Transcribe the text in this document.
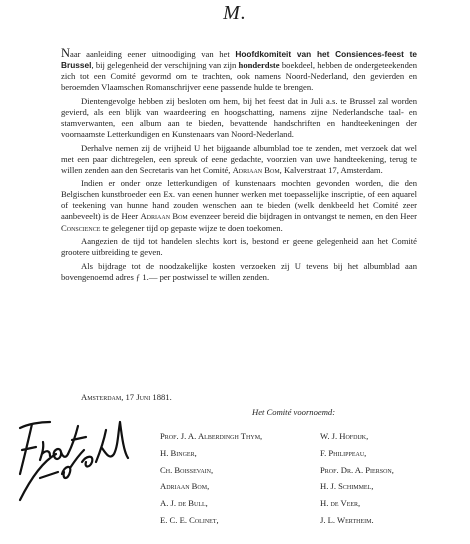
M.

Naar aanleiding eener uitnoodiging van het Hoofdkomiteit van het Consiences-feest te Brussel, bij gelegenheid der verschijning van zijn honderdste boekdeel, hebben de ondergeteekenden zich tot een Comité gevormd om te trachten, ook namens Noord-Nederland, den gevierden en beroemden Vlaamschen Romanschrijver eene passende hulde te brengen.

Dientengevolge hebben zij besloten om hem, bij het feest dat in Juli a.s. te Brussel zal worden gevierd, als een blijk van waardeering en hoogschatting, namens zijne Nederlandsche taal- en stamverwanten, een album aan te bieden, bevattende handschriften en handteekeningen der voornaamste Letterkundigen en Kunstenaars van Noord-Nederland.

Derhalve nemen zij de vrijheid U het bijgaande albumblad toe te zenden, met verzoek dat wel met een paar dichtregelen, een spreuk of eene gedachte, voorzien van uwe handteekening, terug te willen zenden aan den Secretaris van het Comité, Adriaan Bom, Kalverstraat 17, Amsterdam.

Indien er onder onze letterkundigen of kunstenaars mochten gevonden worden, die den Belgischen kunstbroeder een Ex. van eenen hunner werken met toepasselijke inscriptie, of een aquarel of teekening van hunne hand zouden wenschen aan te bieden (welk denkbeeld het Comité zeer aanbeveelt) is de Heer Adriaan Bom evenzeer bereid die bijdragen in ontvangst te nemen, en den Heer Conscience te gelegener tijd op gepaste wijze te doen toekomen.

Aangezien de tijd tot handelen slechts kort is, bestond er geene gelegenheid aan het Comité grootere uitbreiding te geven.

Als bijdrage tot de noodzakelijke kosten verzoeken zij U tevens bij het albumblad aan bovengenoemd adres ƒ 1.— per postwissel te willen zenden.

Amsterdam, 17 Juni 1881.
Het Comité voornoemd:
Prof. J. A. Alberdingh Thym,
H. Binger,
Ch. Boissevain,
Adriaan Bom,
A. J. de Bull,
E. C. E. Colinet,
W. J. Hofdijk,
F. Philippeau,
Prof. Dr. A. Pierson,
H. J. Schimmel,
H. de Veer,
J. L. Wertheim.
